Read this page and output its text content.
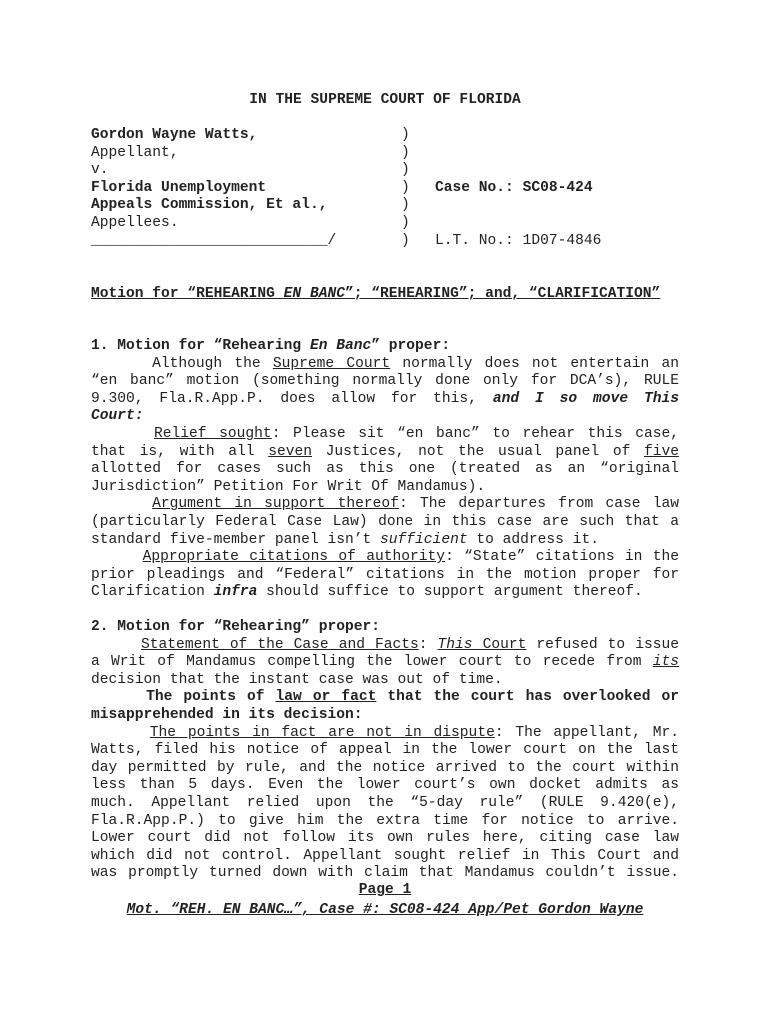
IN THE SUPREME COURT OF FLORIDA
Gordon Wayne Watts,
Appellant,
v.
Florida Unemployment
Appeals Commission, Et al.,
Appellees.
___________________________/
)
)
)
)
)
)
)

Case No.: SC08-424

L.T. No.: 1D07-4846

Motion for “REHEARING EN BANC”; “REHEARING”; and, “CLARIFICATION”
1. Motion for “Rehearing En Banc” proper:
Although the Supreme Court normally does not entertain an
“en banc” motion (something normally done only for DCA’s), RULE
9.300, Fla.R.App.P. does allow for this, and I so move This
Court:
Relief sought: Please sit “en banc” to rehear this case,
that is, with all seven Justices, not the usual panel of five
allotted for cases such as this one (treated as an “original
Jurisdiction” Petition For Writ Of Mandamus).
Argument in support thereof: The departures from case law
(particularly Federal Case Law) done in this case are such that a
standard five-member panel isn’t sufficient to address it.
Appropriate citations of authority: “State” citations in the
prior pleadings and “Federal” citations in the motion proper for
Clarification infra should suffice to support argument thereof.
2. Motion for “Rehearing” proper:
Statement of the Case and Facts: This Court refused to issue
a Writ of Mandamus compelling the lower court to recede from its
decision that the instant case was out of time.
The points of law or fact that the court has overlooked or
misapprehended in its decision:
The points in fact are not in dispute: The appellant, Mr.
Watts, filed his notice of appeal in the lower court on the last
day permitted by rule, and the notice arrived to the court within
less than 5 days. Even the lower court’s own docket admits as
much. Appellant relied upon the “5-day rule” (RULE 9.420(e),
Fla.R.App.P.) to give him the extra time for notice to arrive.
Lower court did not follow its own rules here, citing case law
which did not control. Appellant sought relief in This Court and
was promptly turned down with claim that Mandamus couldn’t issue.
Page 1
Mot. “REH. EN BANC…”, Case #: SC08-424 App/Pet Gordon Wayne
